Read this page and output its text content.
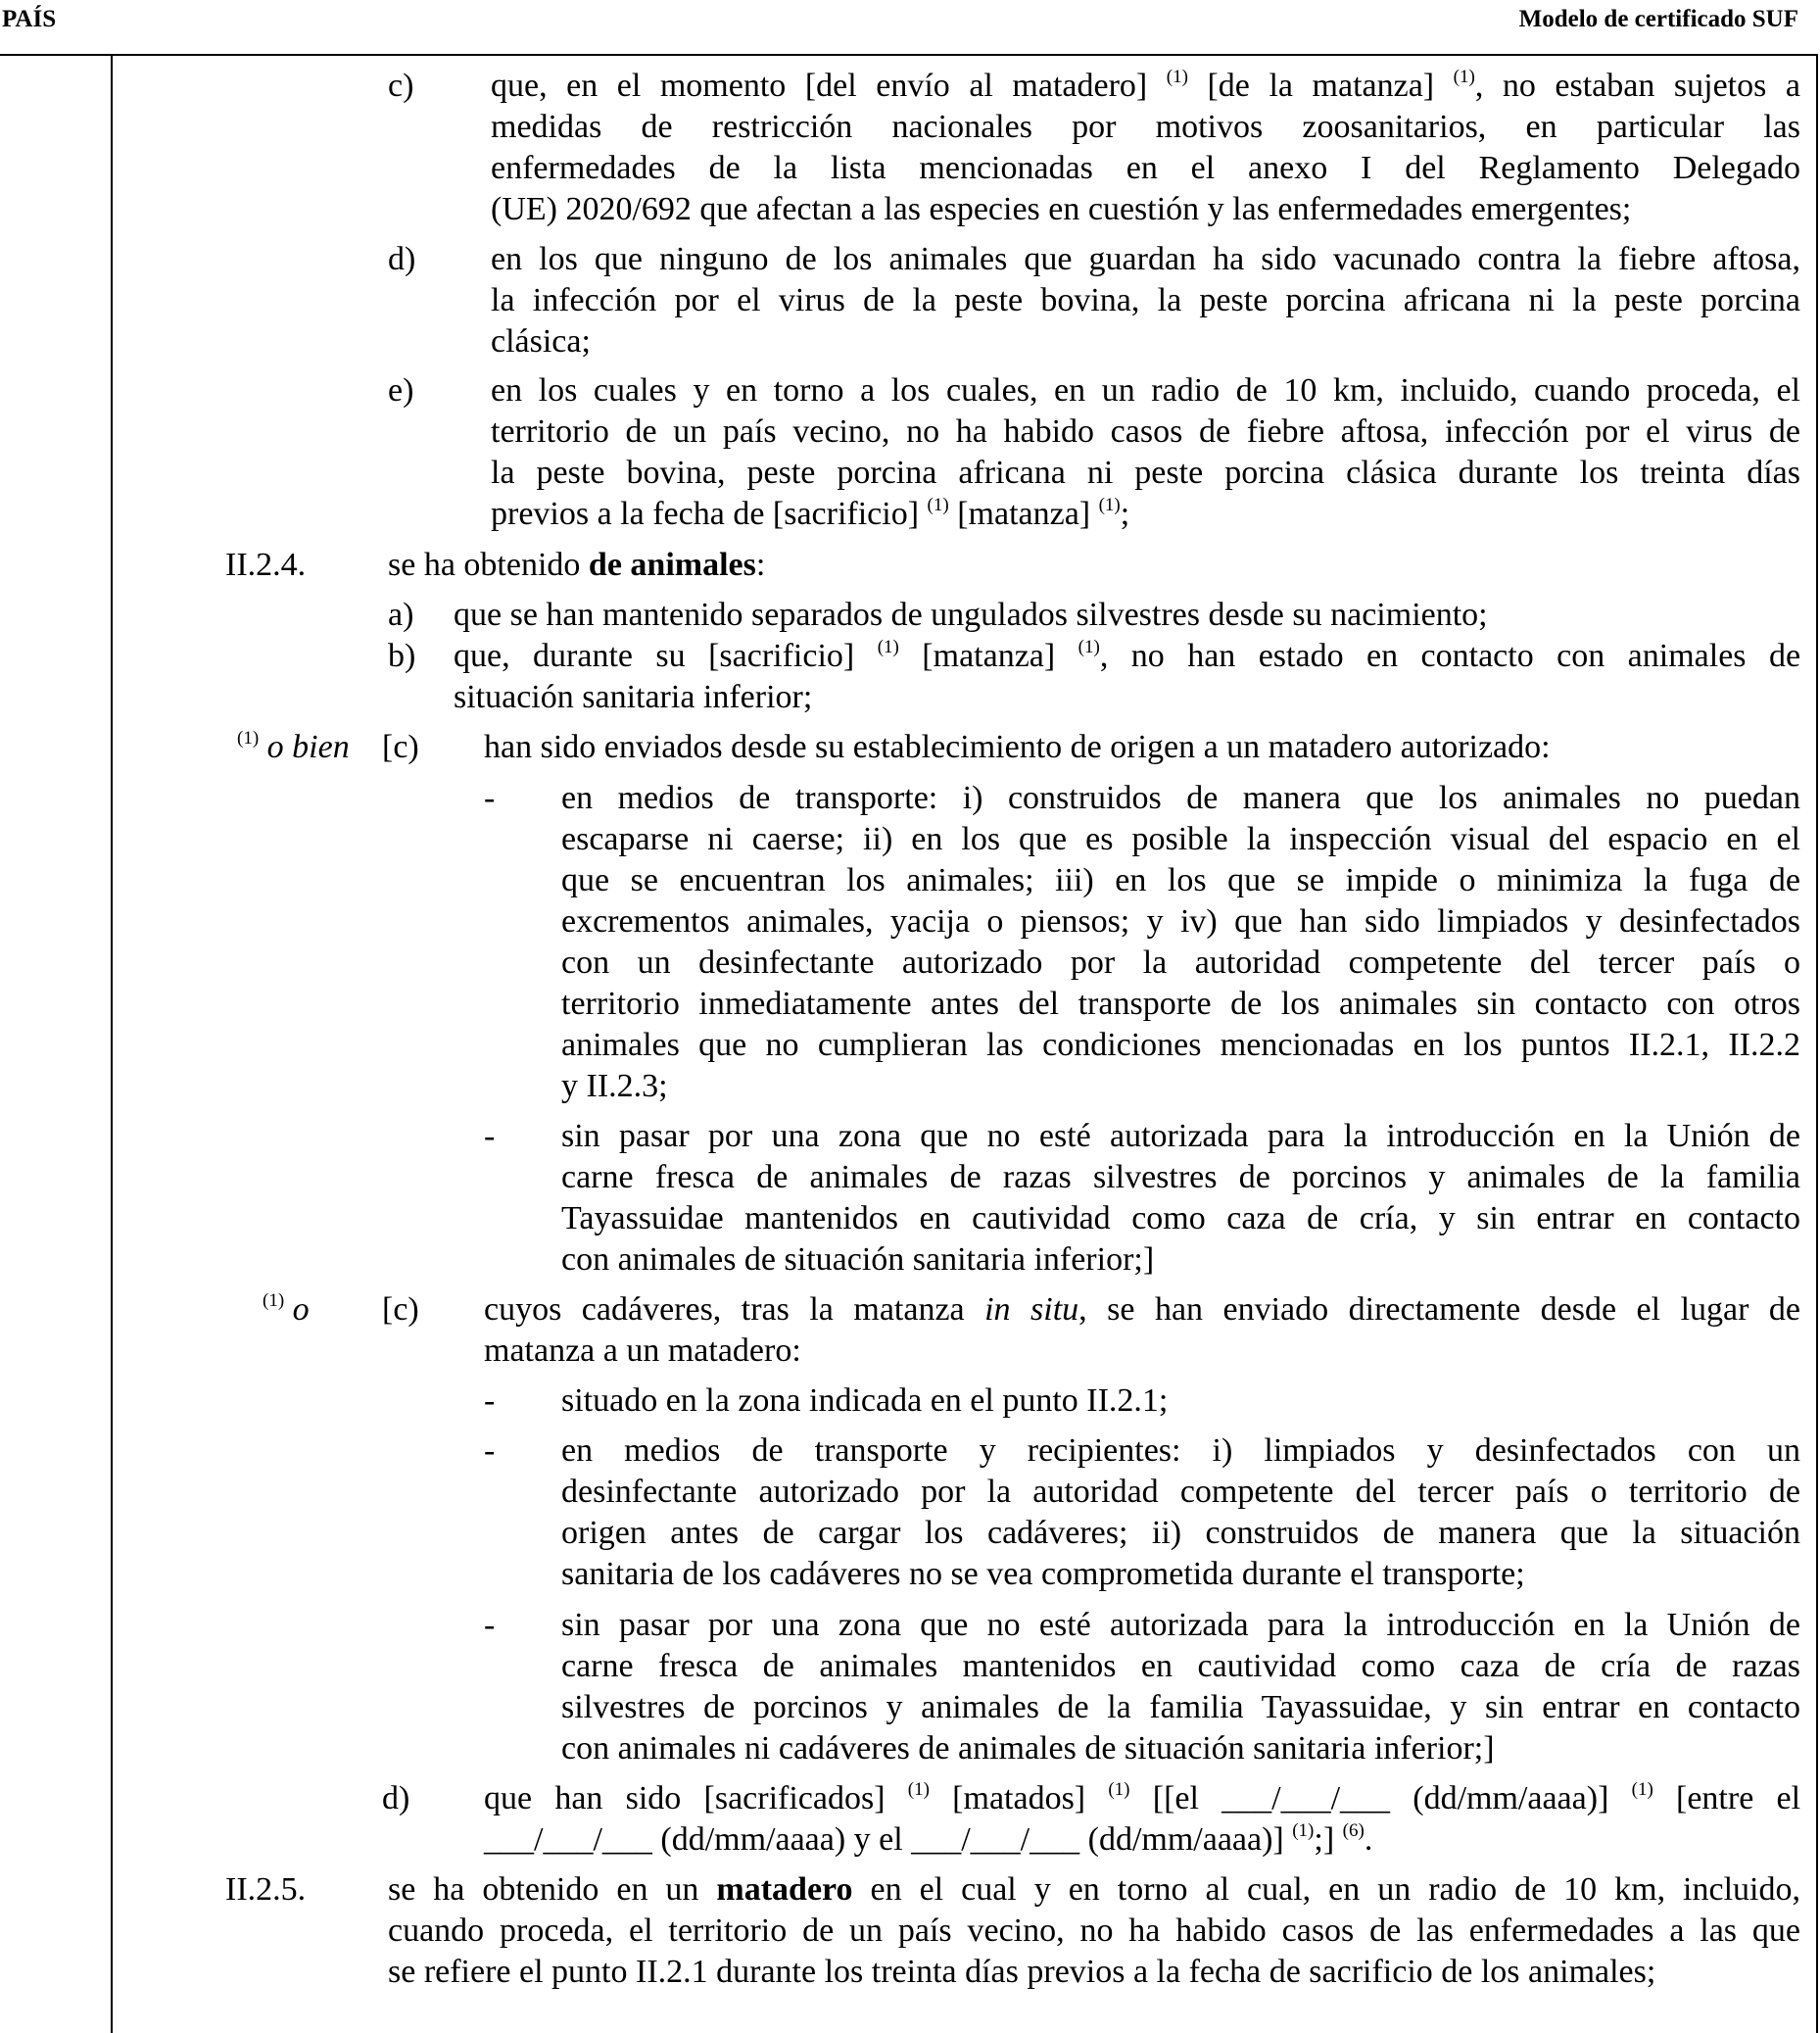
PAÍS	Modelo de certificado SUF
c) que, en el momento [del envío al matadero] $^{(1)}$ [de la matanza] $^{(1)}$, no estaban sujetos a
medidas de restricción nacionales por motivos zoosanitarios, en particular las
enfermedades de la lista mencionadas en el anexo I del Reglamento Delegado
(UE) 2020/692 que afectan a las especies en cuestión y las enfermedades emergentes;
d) en los que ninguno de los animales que guardan ha sido vacunado contra la fiebre aftosa,
la infección por el virus de la peste bovina, la peste porcina africana ni la peste porcina
clásica;
e) en los cuales y en torno a los cuales, en un radio de 10 km, incluido, cuando proceda, el
territorio de un país vecino, no ha habido casos de fiebre aftosa, infección por el virus de
la peste bovina, peste porcina africana ni peste porcina clásica durante los treinta días
previos a la fecha de [sacrificio] $^{(1)}$ [matanza] $^{(1)}$;
II.2.4. se ha obtenido de animales:
a) que se han mantenido separados de ungulados silvestres desde su nacimiento;
b) que, durante su [sacrificio] $^{(1)}$ [matanza] $^{(1)}$, no han estado en contacto con animales de
situación sanitaria inferior;
$^{(1)}$ o bien [c) han sido enviados desde su establecimiento de origen a un matadero autorizado:
- en medios de transporte: i) construidos de manera que los animales no puedan
escaparse ni caerse; ii) en los que es posible la inspección visual del espacio en el
que se encuentran los animales; iii) en los que se impide o minimiza la fuga de
excrementos animales, yacija o piensos; y iv) que han sido limpiados y desinfectados
con un desinfectante autorizado por la autoridad competente del tercer país o
territorio inmediatamente antes del transporte de los animales sin contacto con otros
animales que no cumplieran las condiciones mencionadas en los puntos II.2.1, II.2.2
y II.2.3;
- sin pasar por una zona que no esté autorizada para la introducción en la Unión de
carne fresca de animales de razas silvestres de porcinos y animales de la familia
Tayassuidae mantenidos en cautividad como caza de cría, y sin entrar en contacto
con animales de situación sanitaria inferior;]
$^{(1)}$ o [c) cuyos cadáveres, tras la matanza in situ, se han enviado directamente desde el lugar de
matanza a un matadero:
- situado en la zona indicada en el punto II.2.1;
- en medios de transporte y recipientes: i) limpiados y desinfectados con un
desinfectante autorizado por la autoridad competente del tercer país o territorio de
origen antes de cargar los cadáveres; ii) construidos de manera que la situación
sanitaria de los cadáveres no se vea comprometida durante el transporte;
- sin pasar por una zona que no esté autorizada para la introducción en la Unión de
carne fresca de animales mantenidos en cautividad como caza de cría de razas
silvestres de porcinos y animales de la familia Tayassuidae, y sin entrar en contacto
con animales ni cadáveres de animales de situación sanitaria inferior;]
d) que han sido [sacrificados] $^{(1)}$ [matados] $^{(1)}$ [[el ___/___/___ (dd/mm/aaaa)] $^{(1)}$ [entre el
___/___/___ (dd/mm/aaaa) y el ___/___/___ (dd/mm/aaaa)] $^{(1)}$;] $^{(6)}$.
II.2.5. se ha obtenido en un matadero en el cual y en torno al cual, en un radio de 10 km, incluido,
cuando proceda, el territorio de un país vecino, no ha habido casos de las enfermedades a las que
se refiere el punto II.2.1 durante los treinta días previos a la fecha de sacrificio de los animales;
